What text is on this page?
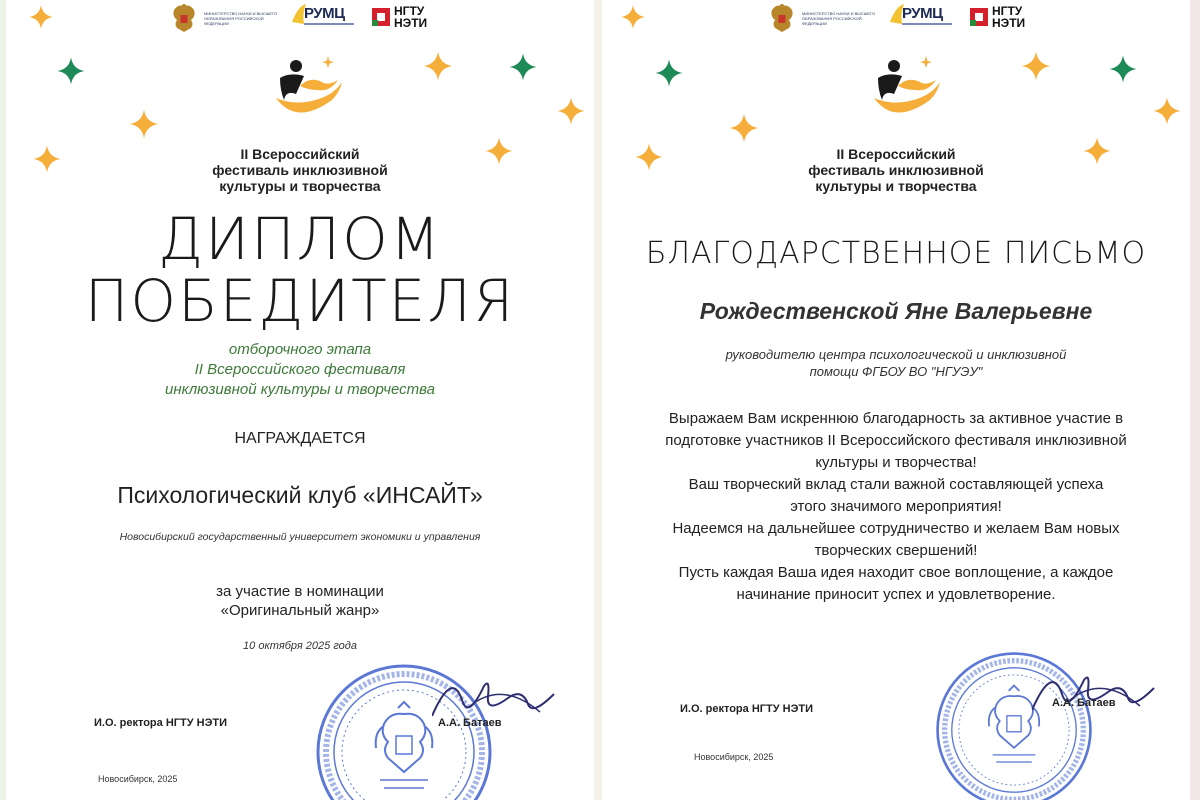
МИНИСТЕРСТВО НАУКИ И ВЫСШЕГО ОБРАЗОВАНИЯ РОССИЙСКОЙ ФЕДЕРАЦИИ
РУМЦ	НГТУ
НЭТИ
II Всероссийский
фестиваль инклюзивной
культуры и творчества
ДИПЛОМ
ПОБЕДИТЕЛЯ
отборочного этапа
II Всероссийского фестиваля
инклюзивной культуры и творчества
НАГРАЖДАЕТСЯ
Психологический клуб «ИНСАЙТ»
Новосибирский государственный университет экономики и управления
за участие в номинации
«Оригинальный жанр»
10 октября 2025 года
И.О. ректора НГТУ НЭТИ	А.А. Батаев
Новосибирск, 2025
МИНИСТЕРСТВО НАУКИ И ВЫСШЕГО ОБРАЗОВАНИЯ РОССИЙСКОЙ ФЕДЕРАЦИИ
РУМЦ	НГТУ
НЭТИ
II Всероссийский
фестиваль инклюзивной
культуры и творчества
БЛАГОДАРСТВЕННОЕ ПИСЬМО
Рождественской Яне Валерьевне
руководителю центра психологической и инклюзивной
помощи ФГБОУ ВО "НГУЭУ"
Выражаем Вам искреннюю благодарность за активное участие в
подготовке участников II Всероссийского фестиваля инклюзивной
культуры и творчества!
Ваш творческий вклад стали важной составляющей успеха
этого значимого мероприятия!
Надеемся на дальнейшее сотрудничество и желаем Вам новых
творческих свершений!
Пусть каждая Ваша идея находит свое воплощение, а каждое
начинание приносит успех и удовлетворение.
И.О. ректора НГТУ НЭТИ	А.А. Батаев
Новосибирск, 2025
